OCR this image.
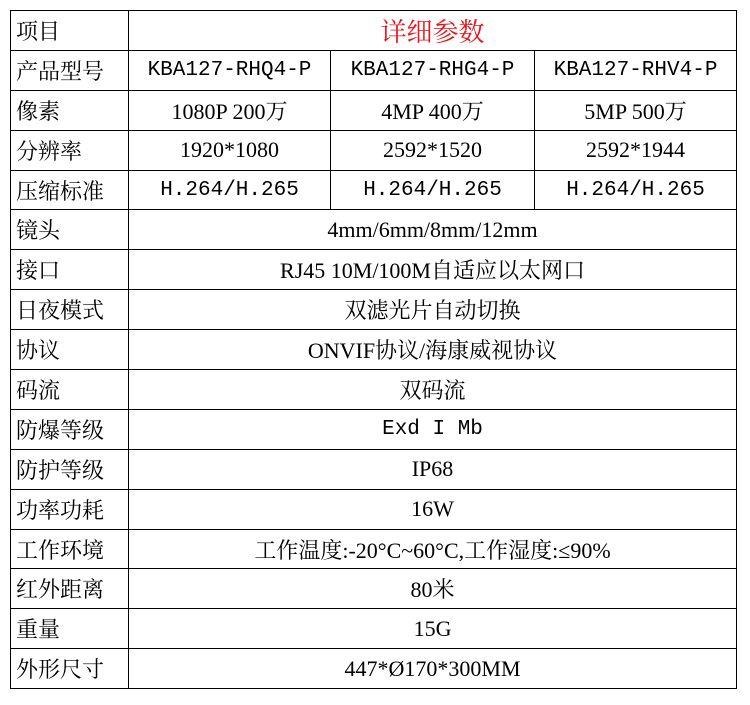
项目	详细参数		
产品型号	KBA127-RHQ4-P	KBA127-RHG4-P	KBA127-RHV4-P
像素	1080P 200万	4MP 400万	5MP 500万
分辨率	1920*1080	2592*1520	2592*1944
压缩标准	H.264/H.265	H.264/H.265	H.264/H.265
镜头	4mm/6mm/8mm/12mm		
接口	RJ45 10M/100M自适应以太网口		
日夜模式	双滤光片自动切换		
协议	ONVIF协议/海康威视协议		
码流	双码流		
防爆等级	Exd I Mb		
防护等级	IP68		
功率功耗	16W		
工作环境	工作温度:-20°C~60°C,工作湿度:≤90%		
红外距离	80米		
重量	15G		
外形尺寸	447*Ø170*300MM		
